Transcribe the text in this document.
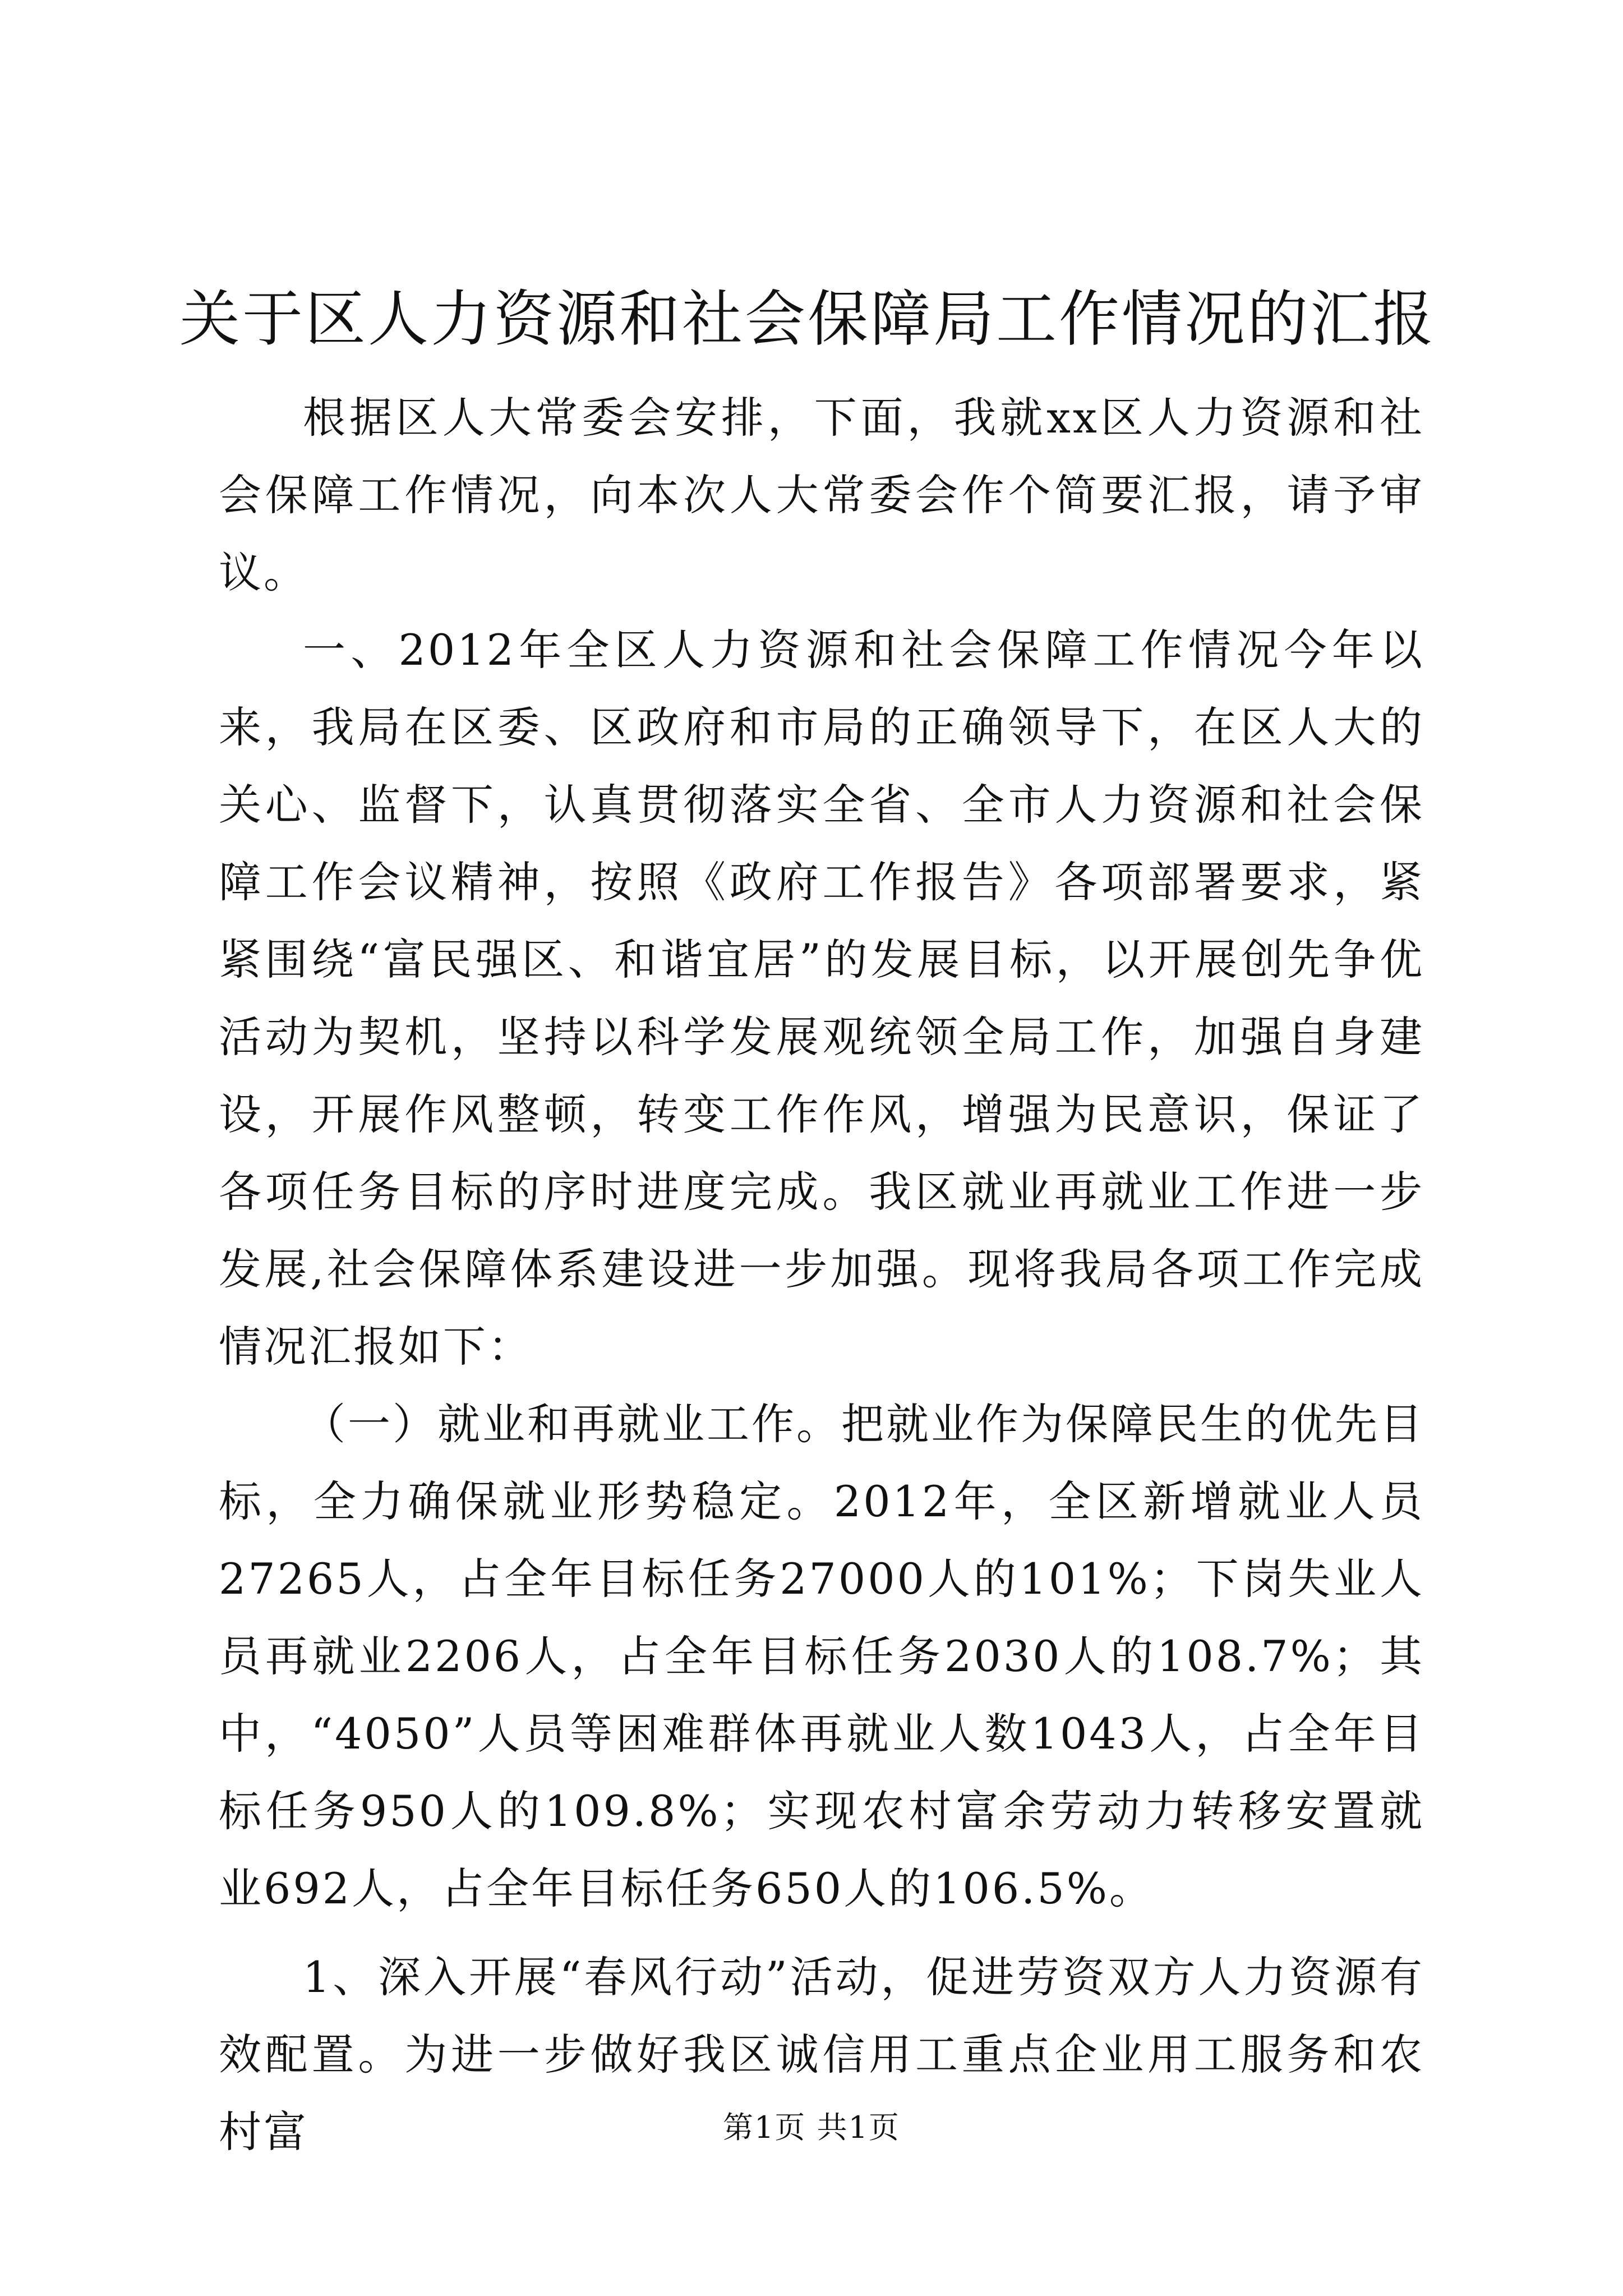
关于区人力资源和社会保障局工作情况的汇报

根据区人大常委会安排，下面，我就xx区人力资源和社会保障工作情况，向本次人大常委会作个简要汇报，请予审议。

一、2012年全区人力资源和社会保障工作情况今年以来，我局在区委、区政府和市局的正确领导下，在区人大的关心、监督下，认真贯彻落实全省、全市人力资源和社会保障工作会议精神，按照《政府工作报告》各项部署要求，紧紧围绕“富民强区、和谐宜居”的发展目标，以开展创先争优活动为契机，坚持以科学发展观统领全局工作，加强自身建设，开展作风整顿，转变工作作风，增强为民意识，保证了各项任务目标的序时进度完成。我区就业再就业工作进一步发展,社会保障体系建设进一步加强。现将我局各项工作完成情况汇报如下：

（一）就业和再就业工作。把就业作为保障民生的优先目标，全力确保就业形势稳定。2012年，全区新增就业人员27265人，占全年目标任务27000人的101%；下岗失业人员再就业2206人，占全年目标任务2030人的108.7%；其中，“4050”人员等困难群体再就业人数1043人，占全年目标任务950人的109.8%；实现农村富余劳动力转移安置就业692人，占全年目标任务650人的106.5%。

1、深入开展“春风行动”活动，促进劳资双方人力资源有效配置。为进一步做好我区诚信用工重点企业用工服务和农村富	第1页 共1页
